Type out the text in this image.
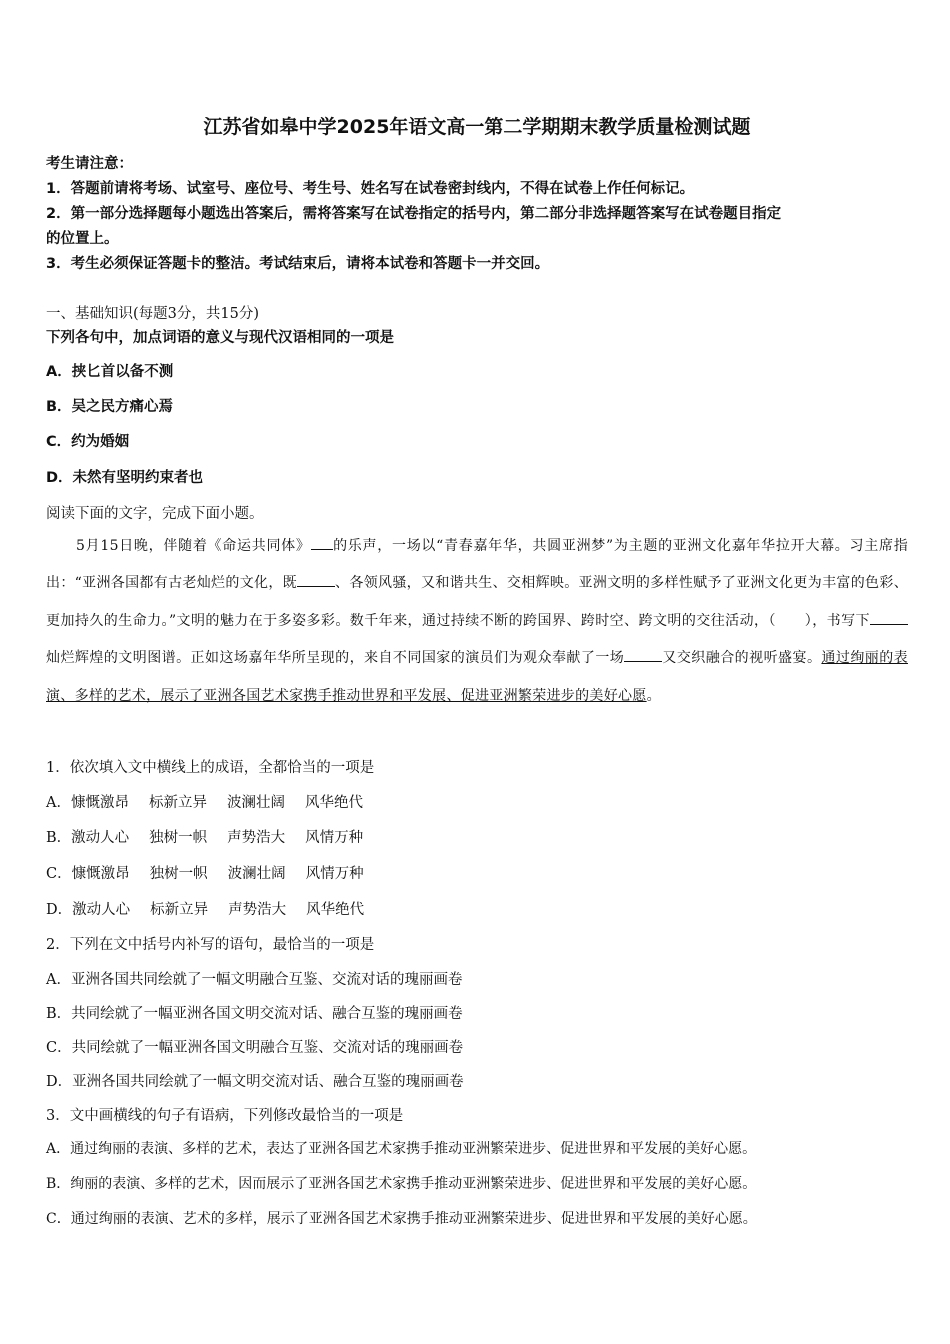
江苏省如皋中学2025年语文高一第二学期期末教学质量检测试题
考生请注意：
1．答题前请将考场、试室号、座位号、考生号、姓名写在试卷密封线内，不得在试卷上作任何标记。
2．第一部分选择题每小题选出答案后，需将答案写在试卷指定的括号内，第二部分非选择题答案写在试卷题目指定
的位置上。
3．考生必须保证答题卡的整洁。考试结束后，请将本试卷和答题卡一并交回。
一、基础知识(每题3分，共15分)
下列各句中，加点词语的意义与现代汉语相同的一项是
A．挟匕首以备不测
B．吴之民方痛心焉
C．约为婚姻
D．未然有坚明约束者也
阅读下面的文字，完成下面小题。
5月15日晚，伴随着《命运共同体》 的乐声，一场以“青春嘉年华，共圆亚洲梦”为主题的亚洲文化嘉年华拉开大幕。习主席指出：“亚洲各国都有古老灿烂的文化，既	、各领风骚，又和谐共生、交相辉映。亚洲文明的多样性赋予了亚洲文化更为丰富的色彩、更加持久的生命力。”文明的魅力在于多姿多彩。数千年来，通过持续不断的跨国界、跨时空、跨文明的交往活动，（　　），书写下灿烂辉煌的文明图谱。正如这场嘉年华所呈现的，来自不同国家的演员们为观众奉献了一场	又交织融合的视听盛宴。通过绚丽的表演、多样的艺术，展示了亚洲各国艺术家携手推动世界和平发展、促进亚洲繁荣进步的美好心愿。
1．依次填入文中横线上的成语，全都恰当的一项是
A．慷慨激昂 标新立异 波澜壮阔 风华绝代
B．激动人心 独树一帜 声势浩大 风情万种
C．慷慨激昂 独树一帜 波澜壮阔 风情万种
D．激动人心 标新立异 声势浩大 风华绝代
2．下列在文中括号内补写的语句，最恰当的一项是
A．亚洲各国共同绘就了一幅文明融合互鉴、交流对话的瑰丽画卷
B．共同绘就了一幅亚洲各国文明交流对话、融合互鉴的瑰丽画卷
C．共同绘就了一幅亚洲各国文明融合互鉴、交流对话的瑰丽画卷
D．亚洲各国共同绘就了一幅文明交流对话、融合互鉴的瑰丽画卷
3．文中画横线的句子有语病，下列修改最恰当的一项是
A．通过绚丽的表演、多样的艺术，表达了亚洲各国艺术家携手推动亚洲繁荣进步、促进世界和平发展的美好心愿。
B．绚丽的表演、多样的艺术，因而展示了亚洲各国艺术家携手推动亚洲繁荣进步、促进世界和平发展的美好心愿。
C．通过绚丽的表演、艺术的多样，展示了亚洲各国艺术家携手推动亚洲繁荣进步、促进世界和平发展的美好心愿。
